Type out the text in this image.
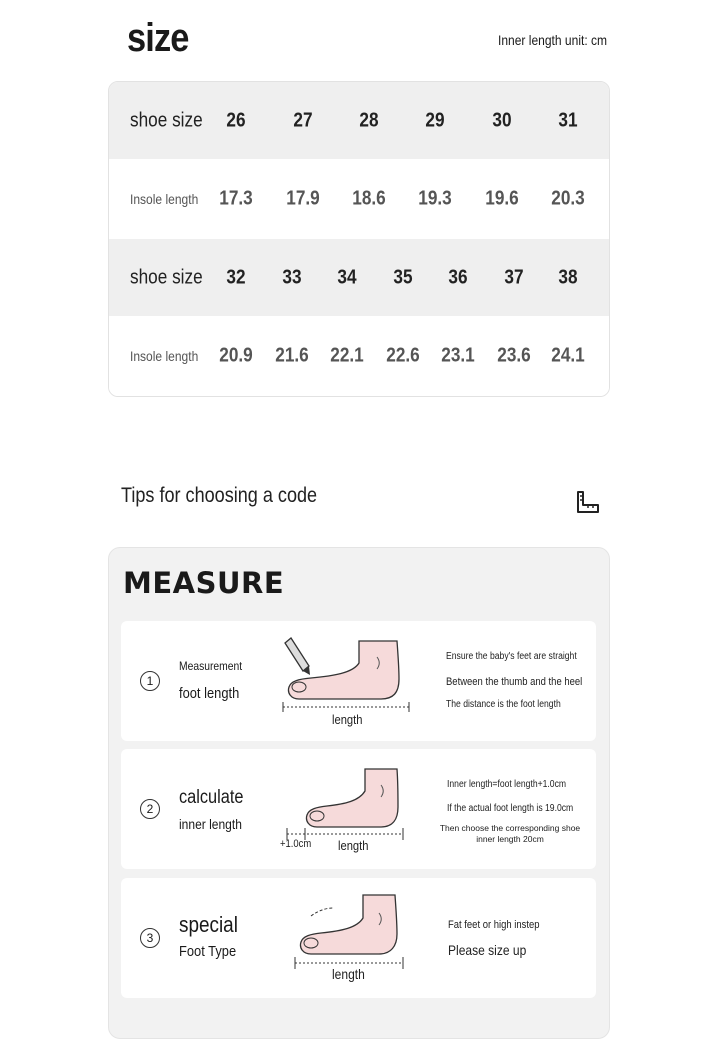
size	Inner length unit: cm
shoe size	26 27 28 29 30 31
Insole length	17.3 17.9 18.6 19.3 19.6 20.3
shoe size	32 33 34 35 36 37 38
Insole length	20.9 21.6 22.1 22.6 23.1 23.6 24.1
Tips for choosing a code
MEASURE
1
Measurement
foot length
length
Ensure the baby's feet are straight
Between the thumb and the heel
The distance is the foot length
2
calculate
inner length
+1.0cm	length
Inner length=foot length+1.0cm
If the actual foot length is 19.0cm
Then choose the corresponding shoe inner length 20cm
3
special
Foot Type
length
Fat feet or high instep
Please size up
